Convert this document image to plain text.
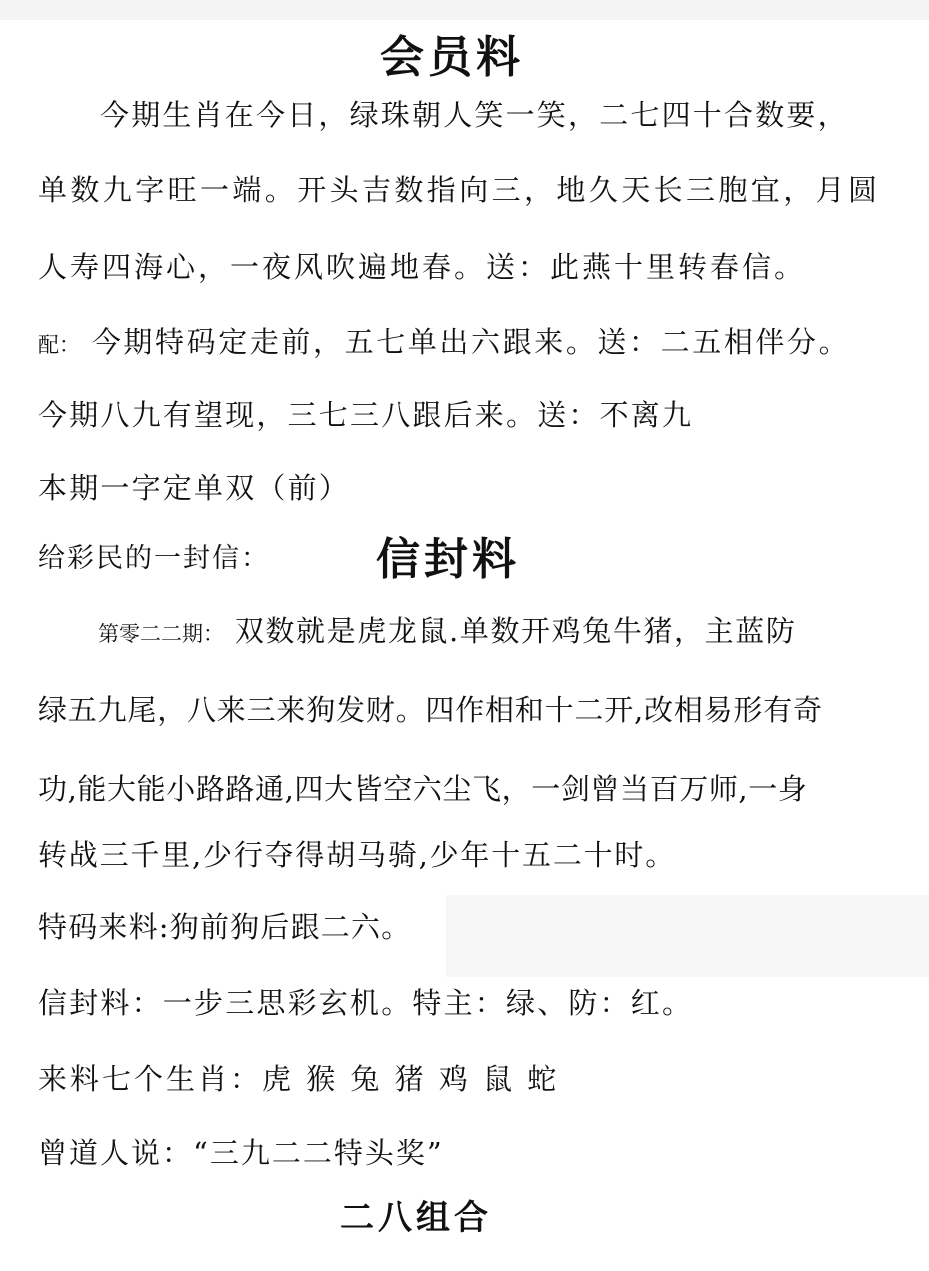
会员料
今期生肖在今日，绿珠朝人笑一笑，二七四十合数要，
单数九字旺一端。开头吉数指向三，地久天长三胞宜，月圆
人寿四海心，一夜风吹遍地春。送：此燕十里转春信。
配： 今期特码定走前，五七单出六跟来。送：二五相伴分。
今期八九有望现，三七三八跟后来。送：不离九
本期一字定单双（前）
给彩民的一封信： 信封料
第零二二期： 双数就是虎龙鼠.单数开鸡兔牛猪，主蓝防
绿五九尾，八来三来狗发财。四作相和十二开,改相易形有奇
功,能大能小路路通,四大皆空六尘飞，一剑曾当百万师,一身
转战三千里,少行夺得胡马骑,少年十五二十时。
特码来料:狗前狗后跟二六。
信封料：一步三思彩玄机。特主：绿、防：红。
来料七个生肖：虎 猴 兔 猪 鸡 鼠 蛇
曾道人说：“三九二二特头奖”
二八组合
